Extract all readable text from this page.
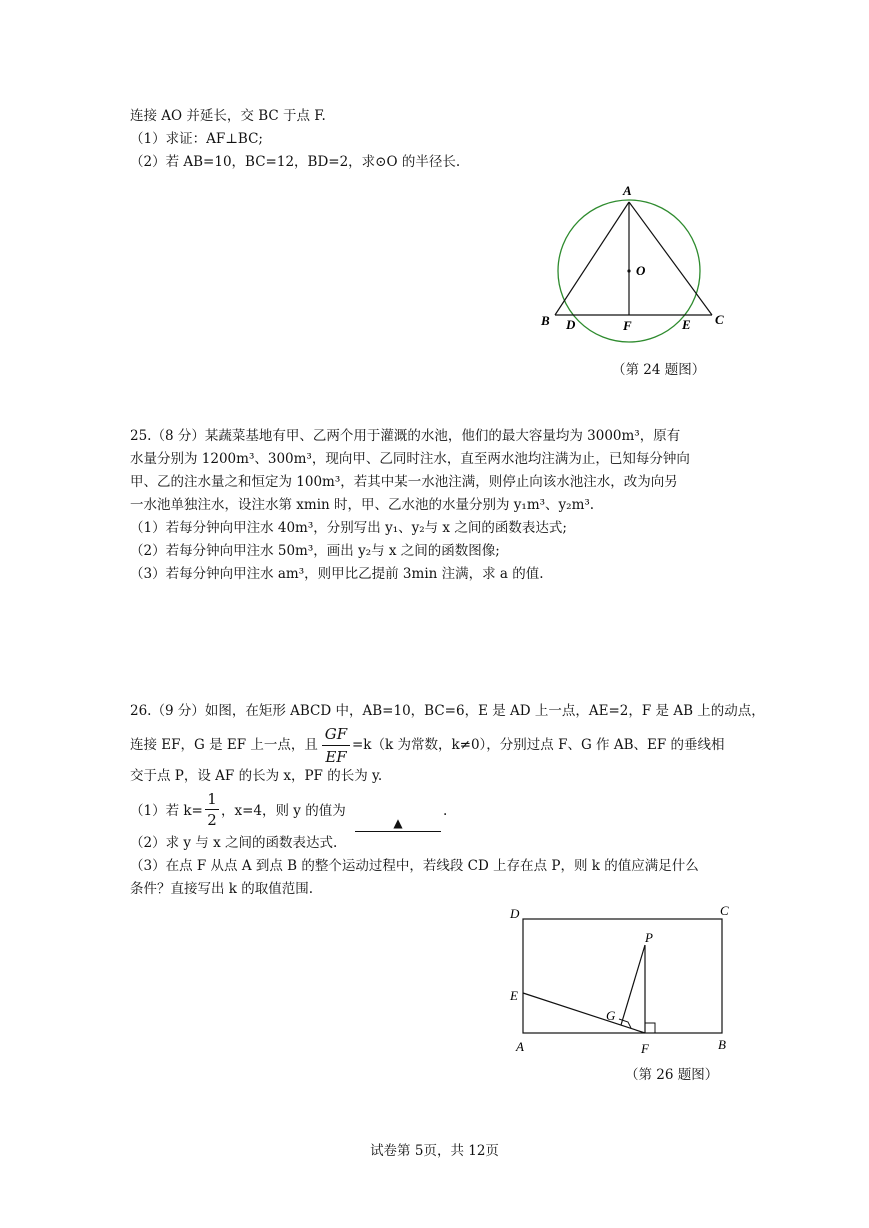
连接 AO 并延长，交 BC 于点 F.
（1）求证：AF⊥BC;
（2）若 AB=10，BC=12，BD=2，求⊙O 的半径长.
A
O
B D	F	E C
（第 24 题图）
25.（8 分）某蔬菜基地有甲、乙两个用于灌溉的水池，他们的最大容量均为 3000m³，原有
水量分别为 1200m³、300m³，现向甲、乙同时注水，直至两水池均注满为止，已知每分钟向
甲、乙的注水量之和恒定为 100m³，若其中某一水池注满，则停止向该水池注水，改为向另
一水池单独注水，设注水第 xmin 时，甲、乙水池的水量分别为 y₁m³、y₂m³.
（1）若每分钟向甲注水 40m³，分别写出 y₁、y₂与 x 之间的函数表达式;
（2）若每分钟向甲注水 50m³，画出 y₂与 x 之间的函数图像;
（3）若每分钟向甲注水 am³，则甲比乙提前 3min 注满，求 a 的值.
26.（9 分）如图，在矩形 ABCD 中，AB=10，BC=6，E 是 AD 上一点，AE=2，F 是 AB 上的动点，
连接 EF，G 是 EF 上一点，且
GF
EF
=k（k 为常数，k≠0），分别过点 F、G 作 AB、EF 的垂线相
交于点 P，设 AF 的长为 x，PF 的长为 y.
（1）若 k=
1
2 ，x=4，则 y 的值为
▲
.
（2）求 y 与 x 之间的函数表达式.
（3）在点 F 从点 A 到点 B 的整个运动过程中，若线段 CD 上存在点 P，则 k 的值应满足什么
条件？直接写出 k 的取值范围.
D	C
P
E
G
A	F	B
（第 26 题图）
试卷第 5页，共 12页
